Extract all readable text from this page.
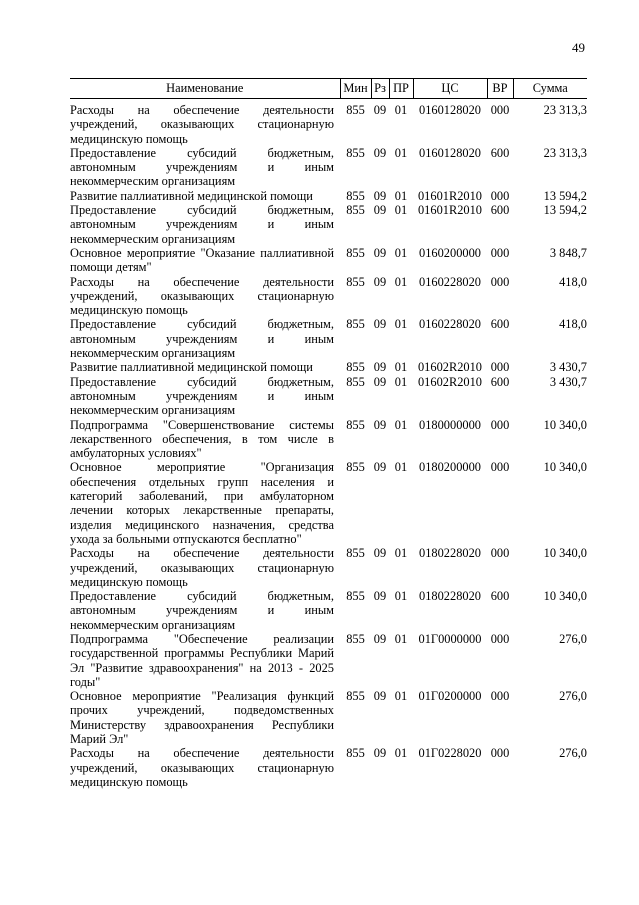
49
Наименование	Мин	Рз	ПР	ЦС	ВР	Сумма

Расходы на обеспечение деятельности учреждений, оказывающих стационарную медицинскую помощь	855	09	01	0160128020	000	23 313,3
Предоставление субсидий бюджетным, автономным учреждениям и иным некоммерческим организациям	855	09	01	0160128020	600	23 313,3
Развитие паллиативной медицинской помощи	855	09	01	01601R2010	000	13 594,2
Предоставление субсидий бюджетным, автономным учреждениям и иным некоммерческим организациям	855	09	01	01601R2010	600	13 594,2
Основное мероприятие "Оказание паллиативной помощи детям"	855	09	01	0160200000	000	3 848,7
Расходы на обеспечение деятельности учреждений, оказывающих стационарную медицинскую помощь	855	09	01	0160228020	000	418,0
Предоставление субсидий бюджетным, автономным учреждениям и иным некоммерческим организациям	855	09	01	0160228020	600	418,0
Развитие паллиативной медицинской помощи	855	09	01	01602R2010	000	3 430,7
Предоставление субсидий бюджетным, автономным учреждениям и иным некоммерческим организациям	855	09	01	01602R2010	600	3 430,7
Подпрограмма "Совершенствование системы лекарственного обеспечения, в том числе в амбулаторных условиях"	855	09	01	0180000000	000	10 340,0
Основное мероприятие "Организация обеспечения отдельных групп населения и категорий заболеваний, при амбулаторном лечении которых лекарственные препараты, изделия медицинского назначения, средства ухода за больными отпускаются бесплатно"	855	09	01	0180200000	000	10 340,0
Расходы на обеспечение деятельности учреждений, оказывающих стационарную медицинскую помощь	855	09	01	0180228020	000	10 340,0
Предоставление субсидий бюджетным, автономным учреждениям и иным некоммерческим организациям	855	09	01	0180228020	600	10 340,0
Подпрограмма "Обеспечение реализации государственной программы Республики Марий Эл "Развитие здравоохранения" на 2013 - 2025 годы"	855	09	01	01Г0000000	000	276,0
Основное мероприятие "Реализация функций прочих учреждений, подведомственных Министерству здравоохранения Республики Марий Эл"	855	09	01	01Г0200000	000	276,0
Расходы на обеспечение деятельности учреждений, оказывающих стационарную медицинскую помощь	855	09	01	01Г0228020	000	276,0
